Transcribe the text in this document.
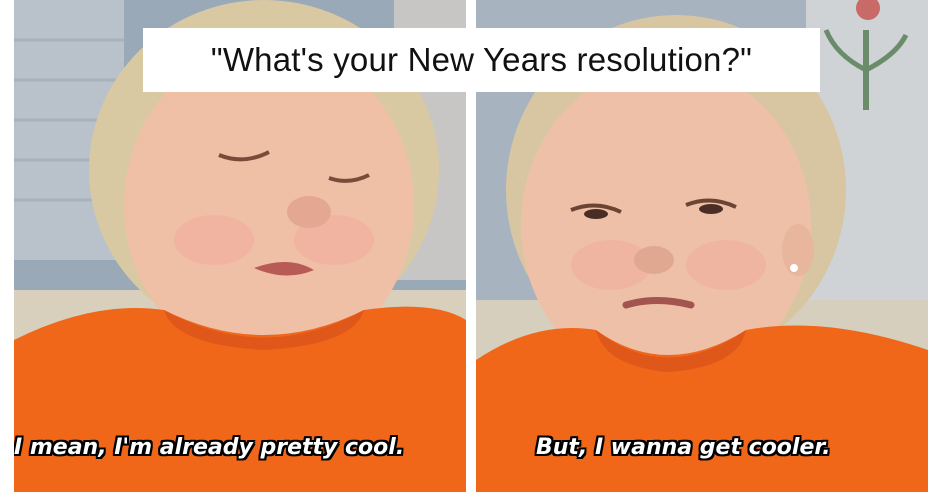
I mean, I'm already pretty cool.	But, I wanna get cooler.
"What's your New Years resolution?"
